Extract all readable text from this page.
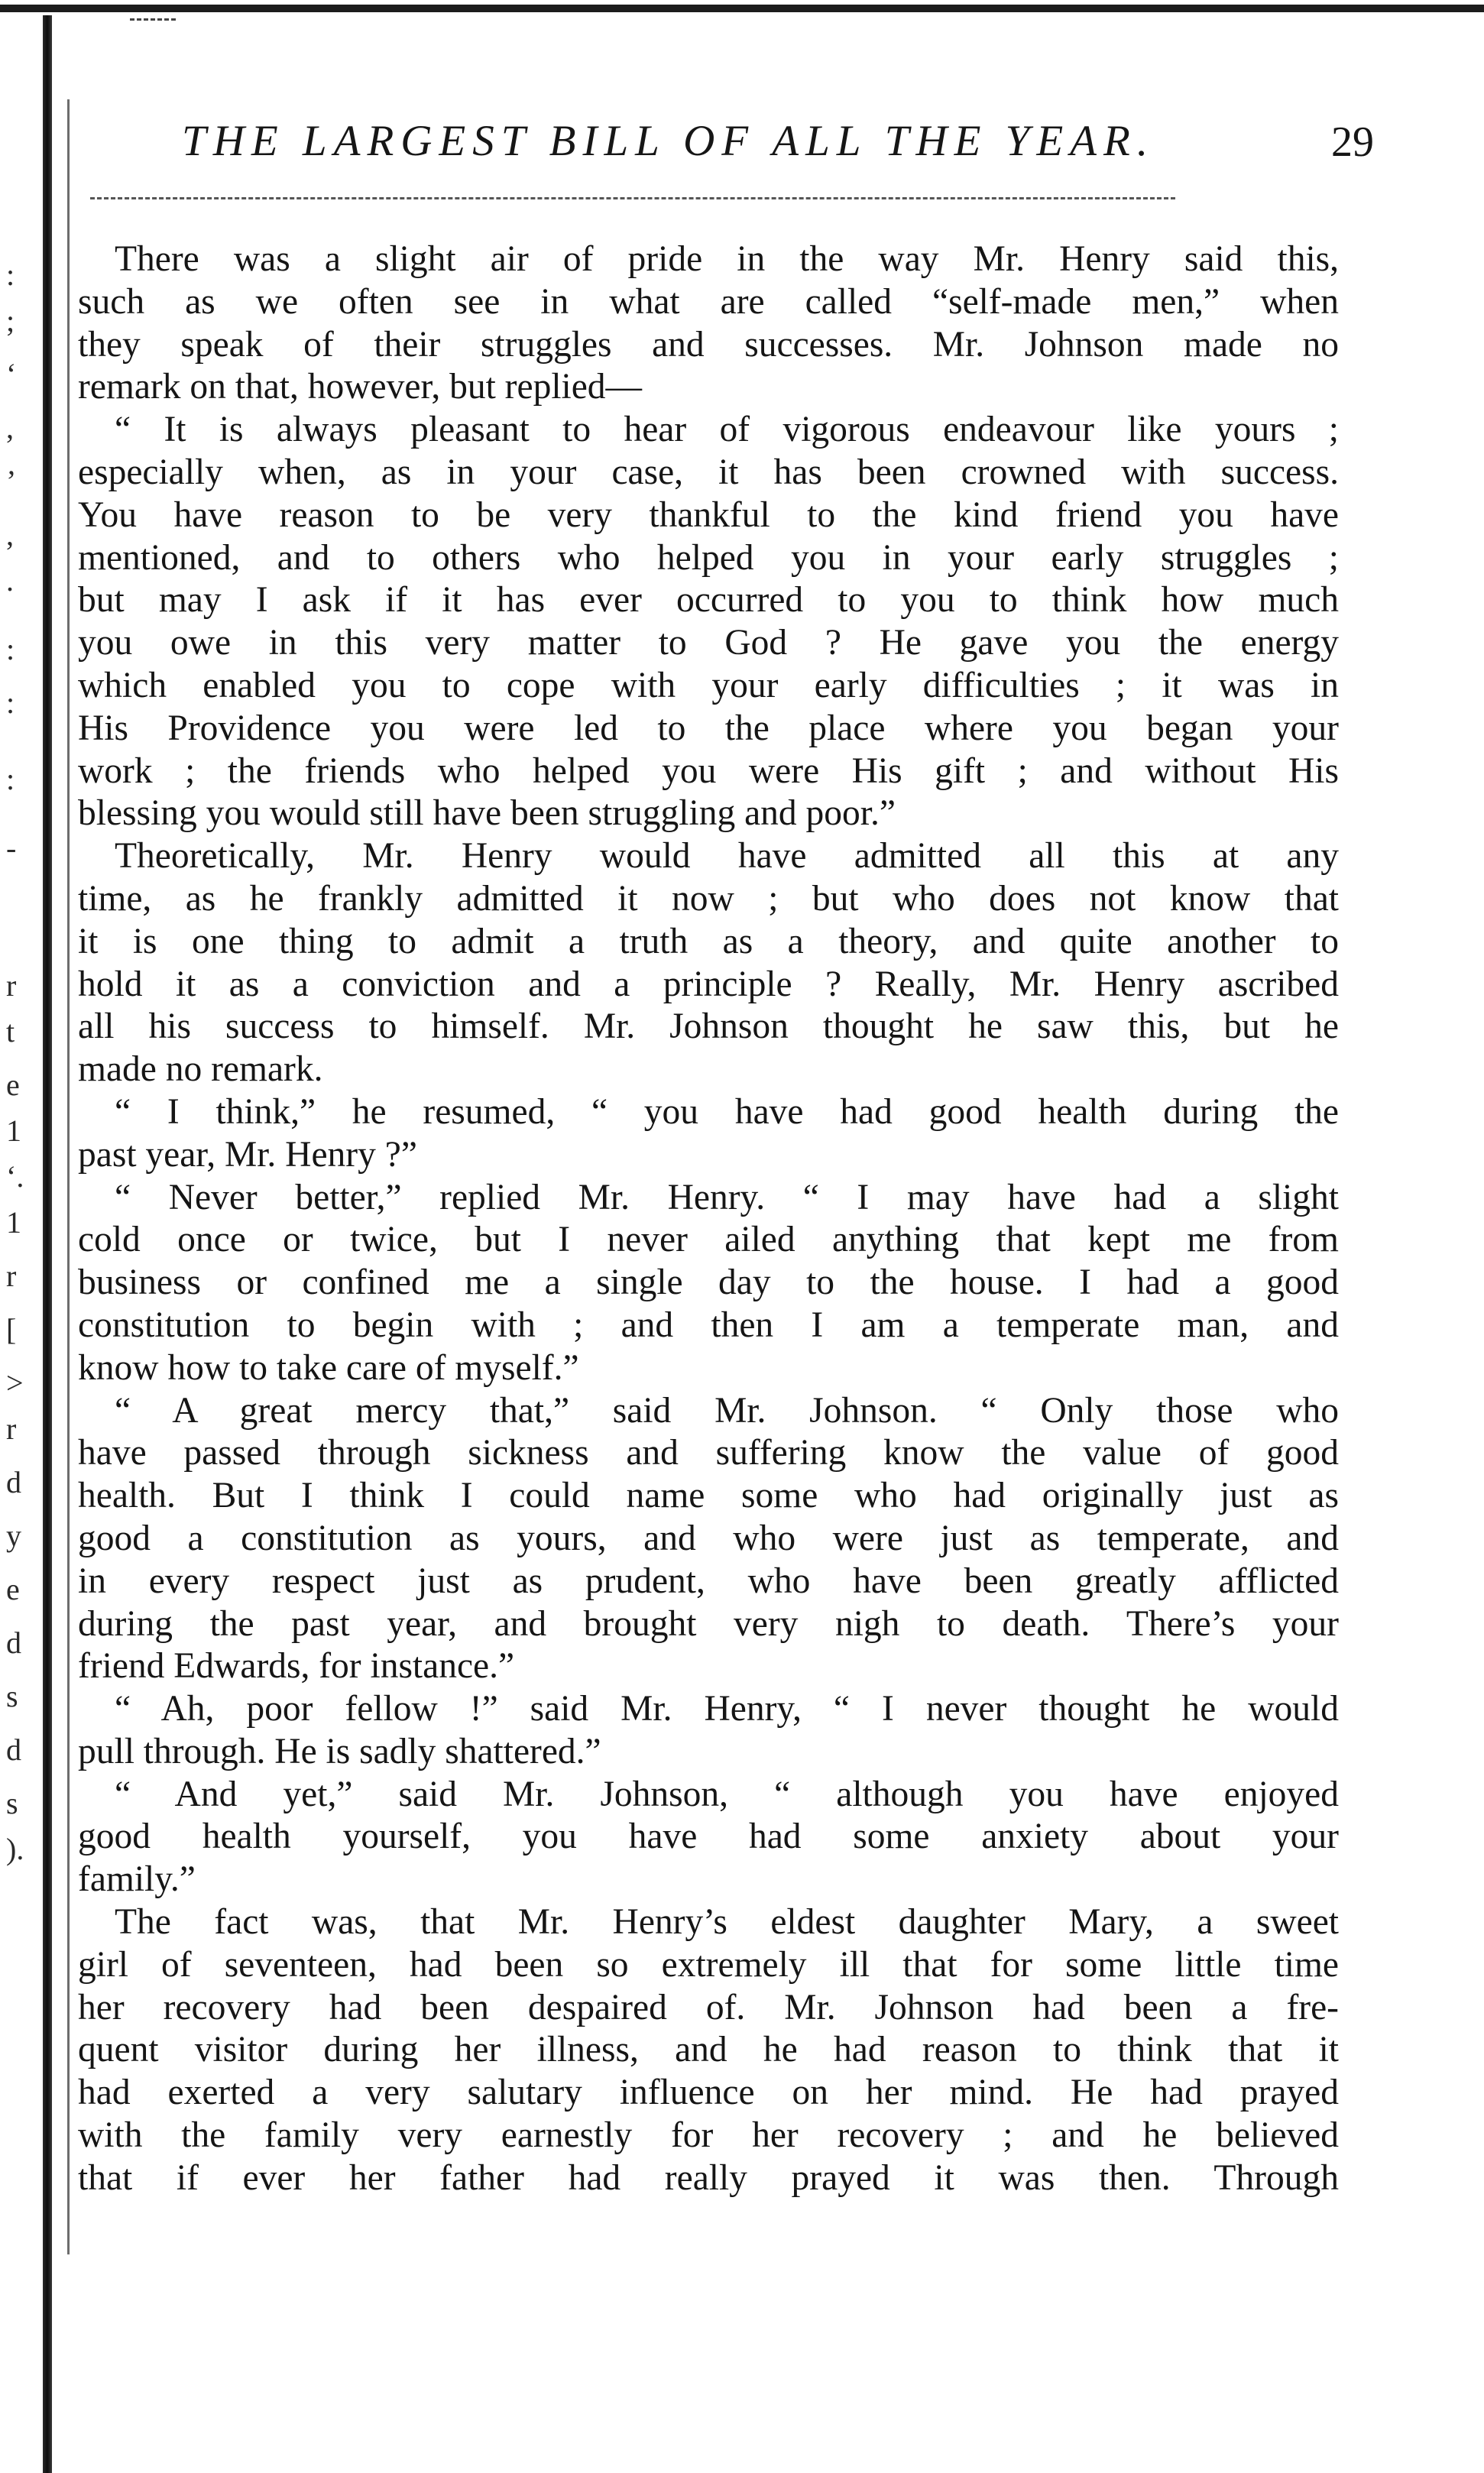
:
;
‘
,
’
,
.
:
:
:
-
r
t
e
1
‘.
1
r
[
>
r
d
y
e
d
s
d
s
).
THE LARGEST BILL OF ALL THE YEAR.	29
There was a slight air of pride in the way Mr. Henry said this,
such as we often see in what are called “self-made men,” when
they speak of their struggles and successes. Mr. Johnson made no
remark on that, however, but replied—
“ It is always pleasant to hear of vigorous endeavour like yours ;
especially when, as in your case, it has been crowned with success.
You have reason to be very thankful to the kind friend you have
mentioned, and to others who helped you in your early struggles ;
but may I ask if it has ever occurred to you to think how much
you owe in this very matter to God ? He gave you the energy
which enabled you to cope with your early difficulties ; it was in
His Providence you were led to the place where you began your
work ; the friends who helped you were His gift ; and without His
blessing you would still have been struggling and poor.”
Theoretically, Mr. Henry would have admitted all this at any
time, as he frankly admitted it now ; but who does not know that
it is one thing to admit a truth as a theory, and quite another to
hold it as a conviction and a principle ? Really, Mr. Henry ascribed
all his success to himself. Mr. Johnson thought he saw this, but he
made no remark.
“ I think,” he resumed, “ you have had good health during the
past year, Mr. Henry ?”
“ Never better,” replied Mr. Henry. “ I may have had a slight
cold once or twice, but I never ailed anything that kept me from
business or confined me a single day to the house. I had a good
constitution to begin with ; and then I am a temperate man, and
know how to take care of myself.”
“ A great mercy that,” said Mr. Johnson. “ Only those who
have passed through sickness and suffering know the value of good
health. But I think I could name some who had originally just as
good a constitution as yours, and who were just as temperate, and
in every respect just as prudent, who have been greatly afflicted
during the past year, and brought very nigh to death. There’s your
friend Edwards, for instance.”
“ Ah, poor fellow !” said Mr. Henry, “ I never thought he would
pull through. He is sadly shattered.”
“ And yet,” said Mr. Johnson, “ although you have enjoyed
good health yourself, you have had some anxiety about your
family.”
The fact was, that Mr. Henry’s eldest daughter Mary, a sweet
girl of seventeen, had been so extremely ill that for some little time
her recovery had been despaired of. Mr. Johnson had been a fre-
quent visitor during her illness, and he had reason to think that it
had exerted a very salutary influence on her mind. He had prayed
with the family very earnestly for her recovery ; and he believed
that if ever her father had really prayed it was then. Through
